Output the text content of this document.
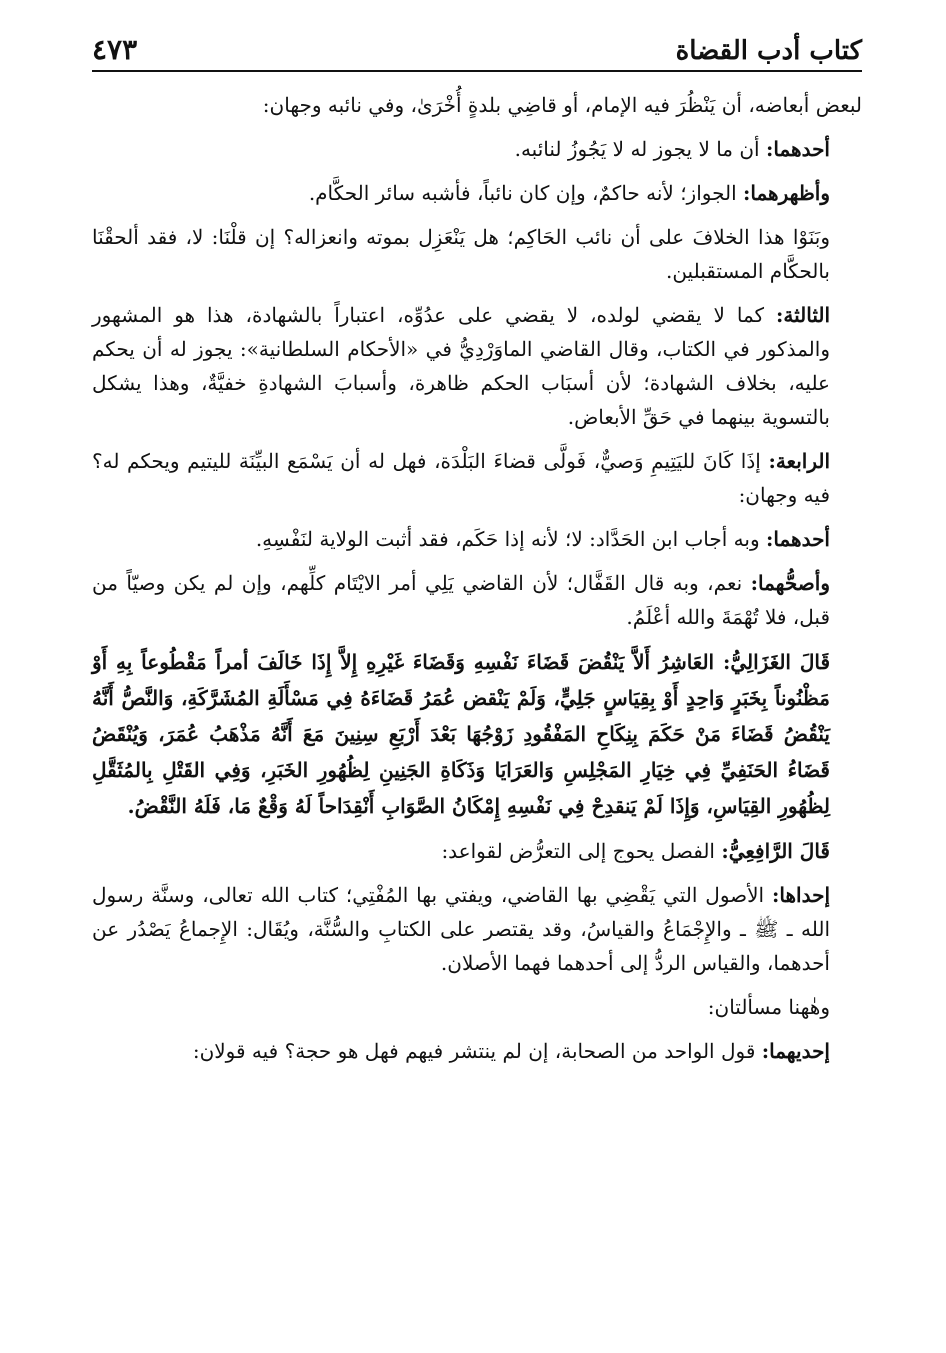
كتاب أدب القضاة
٤٧٣

لبعض أبعاضه، أن يَنْظُرَ فيه الإمام، أو قاضِي بلدةٍ أُخْرَىٰ، وفي نائبه وجهان:

أحدهما: أن ما لا يجوز له لا يَجُوزُ لنائبه.

وأظهرهما: الجواز؛ لأنه حاكمٌ، وإن كان نائباً، فأشبه سائر الحكَّام.

وبَنَوْا هذا الخلافَ على أن نائب الحَاكِم؛ هل يَنْعَزِل بموته وانعزاله؟ إن قلْنَا: لا، فقد ألحقْنَا بالحكَّام المستقبلين.

الثالثة: كما لا يقضي لولده، لا يقضي على عدُوِّه، اعتباراً بالشهادة، هذا هو المشهور والمذكور في الكتاب، وقال القاضي الماوَرْدِيُّ في «الأحكام السلطانية»: يجوز له أن يحكم عليه، بخلاف الشهادة؛ لأن أسبَاب الحكم ظاهرة، وأسبابَ الشهادةِ خفيَّةٌ، وهذا يشكل بالتسوية بينهما في حَقِّ الأبعاض.

الرابعة: إذَا كَانَ لليَتِيمِ وَصيٌّ، فَولَّى قضاءَ البَلْدَة، فهل له أن يَسْمَع البيِّنَة لليتيم ويحكم له؟ فيه وجهان:

أحدهما: وبه أجاب ابن الحَدَّاد: لا؛ لأنه إذا حَكَم، فقد أثبت الولاية لنَفْسِهِ.

وأصحُّهما: نعم، وبه قال القَفَّال؛ لأن القاضي يَلِي أمر الايْتَام كلِّهم، وإن لم يكن وصيّاً من قبل، فلا تُهْمَةَ والله أعْلَمُ.

قَالَ الغَزَالِيُّ: العَاشِرُ أَلاَّ يَنْقُضَ قَضَاءَ نَفْسِهِ وَقَضَاءَ غَيْرِهِ إِلاَّ إِذَا خَالَفَ أمراً مَقْطُوعاً بِهِ أَوْ مَظْنُوناً بِخَبَرٍ وَاحِدٍ أَوْ بِقِيَاسٍ جَلِيٍّ، وَلَمْ يَنْقض عُمَرُ قَضَاءَهُ فِي مَسْأَلَةِ المُشَرَّكَةِ، وَالنَّصُّ أَنَّهُ يَنْقُضُ قَضَاءَ مَنْ حَكَمَ بِنِكَاحِ المَفْقُودِ زَوْجُهَا بَعْدَ أَرْبَعِ سِنِينَ مَعَ أَنَّهُ مَذْهَبُ عُمَرَ، وَيُنْقَضُ قَضَاءُ الحَنَفِيِّ فِي خِيَارِ المَجْلِسِ وَالعَرَايَا وَذَكَاةِ الجَنِينِ لِظُهُورِ الخَبَرِ، وَفِي القَتْلِ بِالمُثَقَّلِ لِظُهُورِ القِيَاسِ، وَإِذَا لَمْ يَنقدِحْ فِي نَفْسِهِ إِمْكَانُ الصَّوَابِ أَنْقِدَاحاً لَهُ وَقْعٌ مَا، فَلَهُ النَّقْضُ.

قَالَ الرَّافِعِيُّ: الفصل يحوج إلى التعرُّض لقواعد:

إحداها: الأصول التي يَقْضِي بها القاضي، ويفتي بها المُفْتِي؛ كتاب الله تعالى، وسنَّة رسول الله ـ ﷺ ـ والإِجْمَاعُ والقياسُ، وقد يقتصر على الكتابِ والسُّنَّة، ويُقَال: الإِجماعُ يَصْدُر عن أحدهما، والقياس الردُّ إلى أحدهما فهما الأصلان.

وهٰهنا مسألتان:

إحديهما: قول الواحد من الصحابة، إن لم ينتشر فيهم فهل هو حجة؟ فيه قولان:
